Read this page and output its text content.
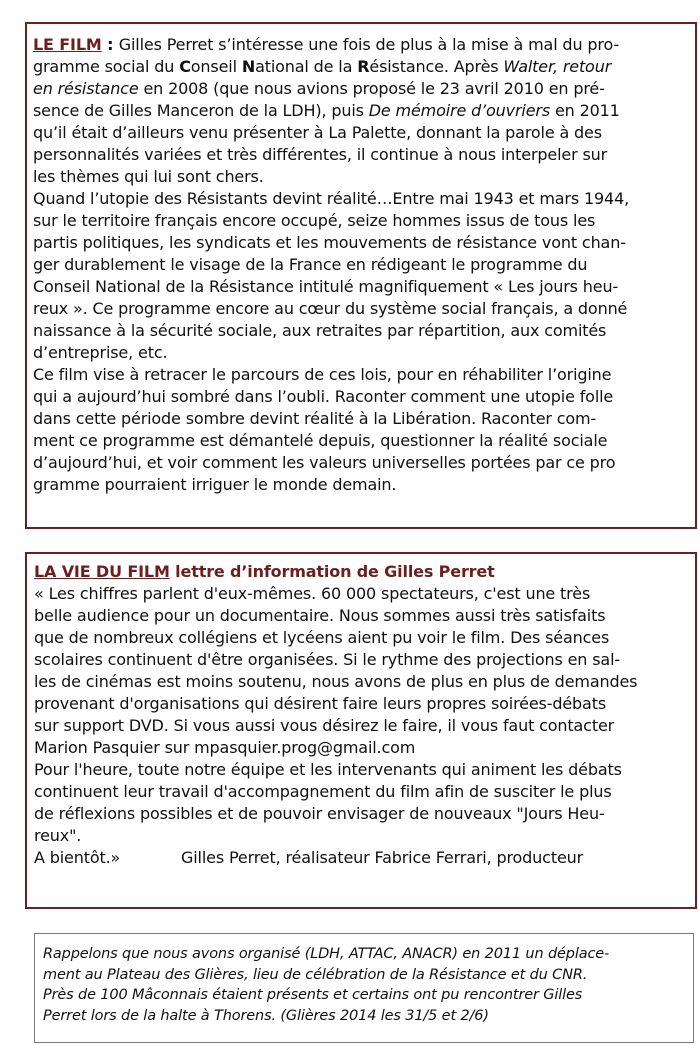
LE FILM : Gilles Perret s’intéresse une fois de plus à la mise à mal du pro-
gramme social du Conseil National de la Résistance. Après Walter, retour
en résistance en 2008 (que nous avions proposé le 23 avril 2010 en pré-
sence de Gilles Manceron de la LDH), puis De mémoire d’ouvriers en 2011
qu’il était d’ailleurs venu présenter à La Palette, donnant la parole à des
personnalités variées et très différentes, il continue à nous interpeler sur
les thèmes qui lui sont chers.
Quand l’utopie des Résistants devint réalité…Entre mai 1943 et mars 1944,
sur le territoire français encore occupé, seize hommes issus de tous les
partis politiques, les syndicats et les mouvements de résistance vont chan-
ger durablement le visage de la France en rédigeant le programme du
Conseil National de la Résistance intitulé magnifiquement « Les jours heu-
reux ». Ce programme encore au cœur du système social français, a donné
naissance à la sécurité sociale, aux retraites par répartition, aux comités
d’entreprise, etc.
Ce film vise à retracer le parcours de ces lois, pour en réhabiliter l’origine
qui a aujourd’hui sombré dans l’oubli. Raconter comment une utopie folle
dans cette période sombre devint réalité à la Libération. Raconter com-
ment ce programme est démantelé depuis, questionner la réalité sociale
d’aujourd’hui, et voir comment les valeurs universelles portées par ce pro
gramme pourraient irriguer le monde demain.
LA VIE DU FILM lettre d’information de Gilles Perret
« Les chiffres parlent d'eux-mêmes. 60 000 spectateurs, c'est une très
belle audience pour un documentaire. Nous sommes aussi très satisfaits
que de nombreux collégiens et lycéens aient pu voir le film. Des séances
scolaires continuent d'être organisées. Si le rythme des projections en sal-
les de cinémas est moins soutenu, nous avons de plus en plus de demandes
provenant d'organisations qui désirent faire leurs propres soirées-débats
sur support DVD. Si vous aussi vous désirez le faire, il vous faut contacter
Marion Pasquier sur mpasquier.prog@gmail.com
Pour l'heure, toute notre équipe et les intervenants qui animent les débats
continuent leur travail d'accompagnement du film afin de susciter le plus
de réflexions possibles et de pouvoir envisager de nouveaux "Jours Heu-
reux".
A bientôt.»	Gilles Perret, réalisateur Fabrice Ferrari, producteur
Rappelons que nous avons organisé (LDH, ATTAC, ANACR) en 2011 un déplace-
ment au Plateau des Glières, lieu de célébration de la Résistance et du CNR.
Près de 100 Mâconnais étaient présents et certains ont pu rencontrer Gilles
Perret lors de la halte à Thorens. (Glières 2014 les 31/5 et 2/6)
